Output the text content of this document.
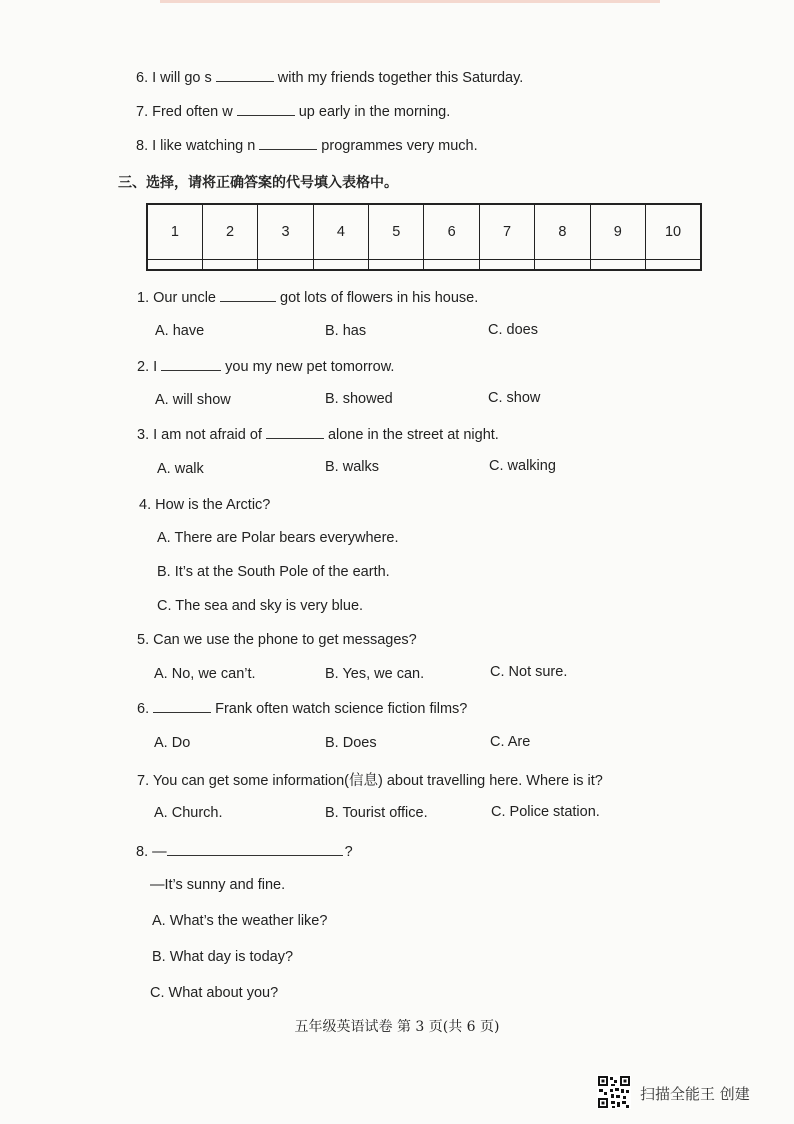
6. I will go s	with my friends together this Saturday.
7. Fred often w	up early in the morning.
8. I like watching n	programmes very much.
三、选择，请将正确答案的代号填入表格中。
1	2	3	4	5	6	7	8	9	10

1. Our uncle	got lots of flowers in his house.
A. have	B. has	C. does
2. I	you my new pet tomorrow.
A. will show	B. showed	C. show
3. I am not afraid of	alone in the street at night.
A. walk	B. walks	C. walking
4. How is the Arctic?
A. There are Polar bears everywhere.
B. It’s at the South Pole of the earth.
C. The sea and sky is very blue.
5. Can we use the phone to get messages?
A. No, we can’t.	B. Yes, we can.	C. Not sure.
6.	Frank often watch science fiction films?
A. Do	B. Does	C. Are
7. You can get some information(信息) about travelling here. Where is it?
A. Church.	B. Tourist office.	C. Police station.
8. —	?
—It’s sunny and fine.
A. What’s the weather like?
B. What day is today?
C. What about you?
五年级英语试卷 第 3 页(共 6 页)
扫描全能王 创建
